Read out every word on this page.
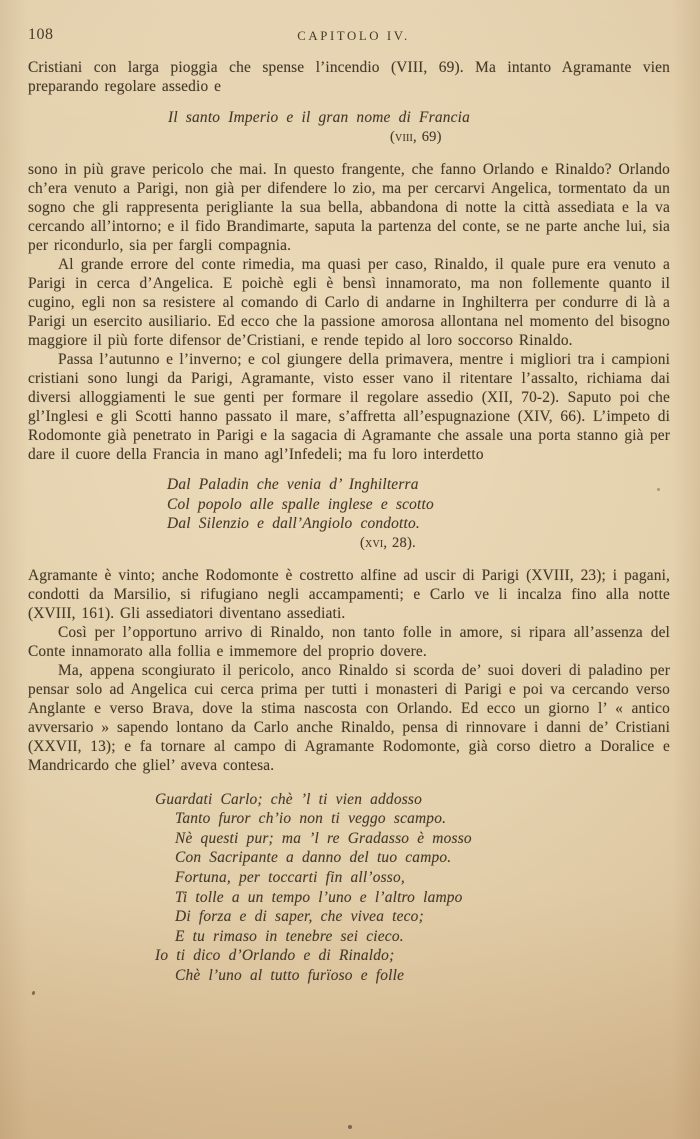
108	CAPITOLO IV.

Cristiani con larga pioggia che spense l’incendio (VIII, 69). Ma intanto Agramante vien preparando regolare assedio e

Il santo Imperio e il gran nome di Francia
(viii, 69)

sono in più grave pericolo che mai. In questo frangente, che fanno Orlando e Rinaldo? Orlando ch’era venuto a Parigi, non già per difendere lo zio, ma per cercarvi Angelica, tormentato da un sogno che gli rappresenta perigliante la sua bella, abbandona di notte la città assediata e la va cercando all’intorno; e il fido Brandimarte, saputa la partenza del conte, se ne parte anche lui, sia per ricondurlo, sia per fargli compagnia.

Al grande errore del conte rimedia, ma quasi per caso, Rinaldo, il quale pure era venuto a Parigi in cerca d’Angelica. E poichè egli è bensì innamorato, ma non follemente quanto il cugino, egli non sa resistere al comando di Carlo di andarne in Inghilterra per condurre di là a Parigi un esercito ausiliario. Ed ecco che la passione amorosa allontana nel momento del bisogno maggiore il più forte difensor de’Cristiani, e rende tepido al loro soccorso Rinaldo.

Passa l’autunno e l’inverno; e col giungere della primavera, mentre i migliori tra i campioni cristiani sono lungi da Parigi, Agramante, visto esser vano il ritentare l’assalto, richiama dai diversi alloggiamenti le sue genti per formare il regolare assedio (XII, 70-2). Saputo poi che gl’Inglesi e gli Scotti hanno passato il mare, s’affretta all’espugnazione (XIV, 66). L’impeto di Rodomonte già penetrato in Parigi e la sagacia di Agramante che assale una porta stanno già per dare il cuore della Francia in mano agl’Infedeli; ma fu loro interdetto

Dal Paladin che venia d’ Inghilterra
Col popolo alle spalle inglese e scotto
Dal Silenzio e dall’Angiolo condotto.
(xvi, 28).

Agramante è vinto; anche Rodomonte è costretto alfine ad uscir di Parigi (XVIII, 23); i pagani, condotti da Marsilio, si rifugiano negli accampamenti; e Carlo ve li incalza fino alla notte (XVIII, 161). Gli assediatori diventano assediati.

Così per l’opportuno arrivo di Rinaldo, non tanto folle in amore, si ripara all’assenza del Conte innamorato alla follia e immemore del proprio dovere.

Ma, appena scongiurato il pericolo, anco Rinaldo si scorda de’ suoi doveri di paladino per pensar solo ad Angelica cui cerca prima per tutti i monasteri di Parigi e poi va cercando verso Anglante e verso Brava, dove la stima nascosta con Orlando. Ed ecco un giorno l’ « antico avversario » sapendo lontano da Carlo anche Rinaldo, pensa di rinnovare i danni de’ Cristiani (XXVII, 13); e fa tornare al campo di Agramante Rodomonte, già corso dietro a Doralice e Mandricardo che gliel’ aveva contesa.

Guardati Carlo; chè ’l ti vien addosso
Tanto furor ch’io non ti veggo scampo.
Nè questi pur; ma ’l re Gradasso è mosso
Con Sacripante a danno del tuo campo.
Fortuna, per toccarti fin all’osso,
Ti tolle a un tempo l’uno e l’altro lampo
Di forza e di saper, che vivea teco;
E tu rimaso in tenebre sei cieco.
Io ti dico d’Orlando e di Rinaldo;
Chè l’uno al tutto furïoso e folle
